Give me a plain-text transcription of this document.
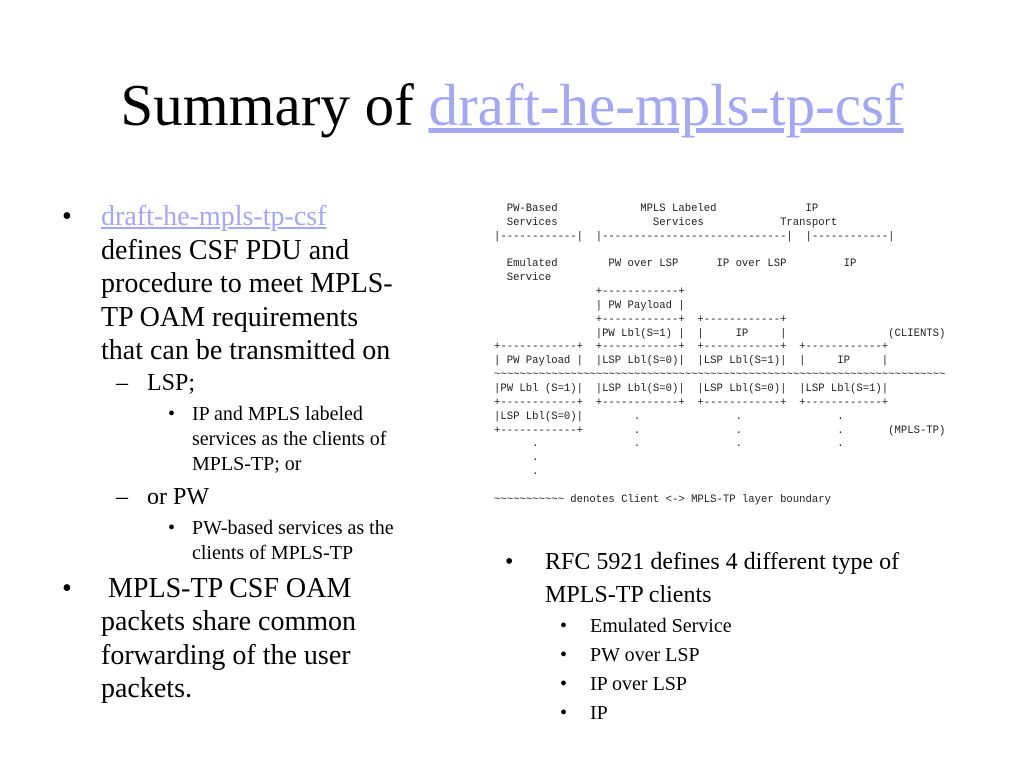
Summary of draft-he-mpls-tp-csf
• draft-he-mpls-tp-csf
defines CSF PDU and
procedure to meet MPLS-
TP OAM requirements
that can be transmitted on
– LSP;
• IP and MPLS labeled
services as the clients of
MPLS-TP; or
– or PW
• PW-based services as the
clients of MPLS-TP
• MPLS-TP CSF OAM
packets share common
forwarding of the user
packets.
PW-Based             MPLS Labeled              IP
Services               Services            Transport
|------------|  |-----------------------------|  |------------|

Emulated        PW over LSP      IP over LSP         IP
Service
+------------+
| PW Payload |
+------------+  +------------+
|PW Lbl(S=1) |  |     IP     |                (CLIENTS)
+------------+  +------------+  +------------+  +------------+
| PW Payload |  |LSP Lbl(S=0)|  |LSP Lbl(S=1)|  |     IP     |
~~~~~~~~~~~~~~~~~~~~~~~~~~~~~~~~~~~~~~~~~~~~~~~~~~~~~~~~~~~~~~~~~~~~~~~
|PW Lbl (S=1)|  |LSP Lbl(S=0)|  |LSP Lbl(S=0)|  |LSP Lbl(S=1)|
+------------+  +------------+  +------------+  +------------+
|LSP Lbl(S=0)|        .               .               .
+------------+        .               .               .       (MPLS-TP)
.               .               .               .
.
.

~~~~~~~~~~~ denotes Client <-> MPLS-TP layer boundary
• RFC 5921 defines 4 different type of
MPLS-TP clients
• Emulated Service
• PW over LSP
• IP over LSP
• IP
